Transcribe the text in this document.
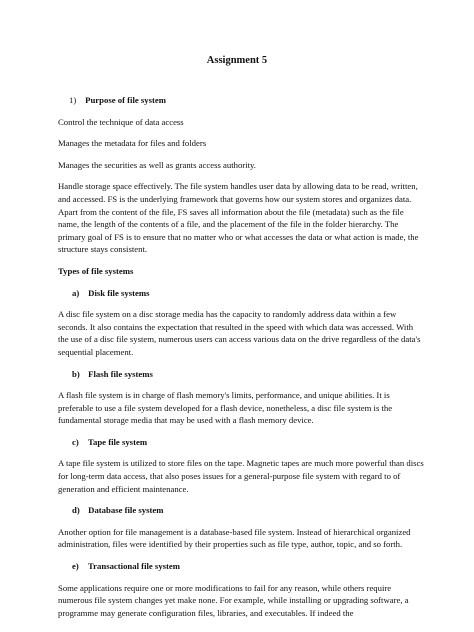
Assignment 5
1) Purpose of file system

Control the technique of data access

Manages the metadata for files and folders

Manages the securities as well as grants access authority.

Handle storage space effectively. The file system handles user data by allowing data to be read, written, and accessed. FS is the underlying framework that governs how our system stores and organizes data. Apart from the content of the file, FS saves all information about the file (metadata) such as the file name, the length of the contents of a file, and the placement of the file in the folder hierarchy. The primary goal of FS is to ensure that no matter who or what accesses the data or what action is made, the structure stays consistent.

Types of file systems
a) Disk file systems

A disc file system on a disc storage media has the capacity to randomly address data within a few seconds. It also contains the expectation that resulted in the speed with which data was accessed. With the use of a disc file system, numerous users can access various data on the drive regardless of the data's sequential placement.

b) Flash file systems

A flash file system is in charge of flash memory's limits, performance, and unique abilities. It is preferable to use a file system developed for a flash device, nonetheless, a disc file system is the fundamental storage media that may be used with a flash memory device.

c) Tape file system

A tape file system is utilized to store files on the tape. Magnetic tapes are much more powerful than discs for long-term data access, that also poses issues for a general-purpose file system with regard to of generation and efficient maintenance.

d) Database file system

Another option for file management is a database-based file system. Instead of hierarchical organized administration, files were identified by their properties such as file type, author, topic, and so forth.

e) Transactional file system

Some applications require one or more modifications to fail for any reason, while others require numerous file system changes yet make none. For example, while installing or upgrading software, a programme may generate configuration files, libraries, and executables. If indeed the
